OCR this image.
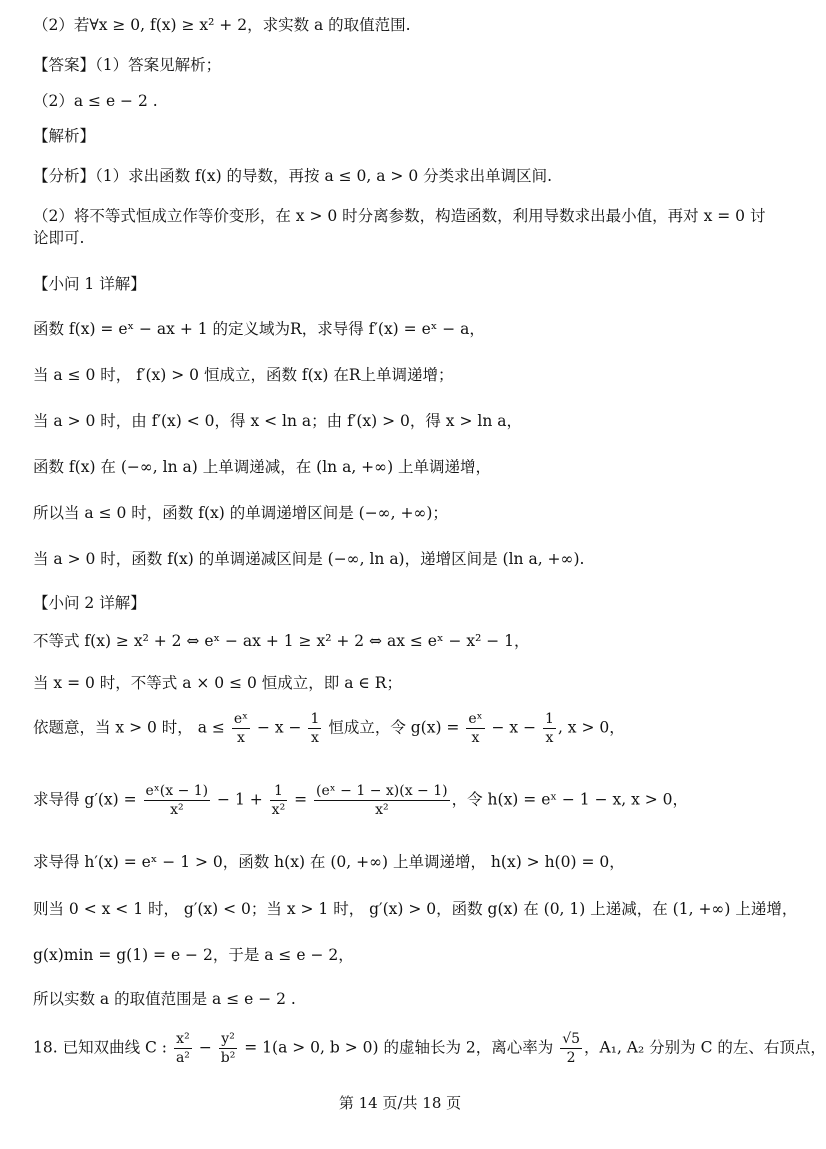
（2）若∀x ≥ 0, f(x) ≥ x² + 2，求实数 a 的取值范围.
【答案】（1）答案见解析；
（2）a ≤ e − 2 .
【解析】
【分析】（1）求出函数 f(x) 的导数，再按 a ≤ 0, a > 0 分类求出单调区间.
（2）将不等式恒成立作等价变形，在 x > 0 时分离参数，构造函数，利用导数求出最小值，再对 x = 0 讨论即可.
【小问 1 详解】
函数 f(x) = eˣ − ax + 1 的定义域为R，求导得 f′(x) = eˣ − a，
当 a ≤ 0 时， f′(x) > 0 恒成立，函数 f(x) 在R上单调递增；
当 a > 0 时，由 f′(x) < 0，得 x < ln a；由 f′(x) > 0，得 x > ln a，
函数 f(x) 在 (−∞, ln a) 上单调递减，在 (ln a, +∞) 上单调递增，
所以当 a ≤ 0 时，函数 f(x) 的单调递增区间是 (−∞, +∞)；
当 a > 0 时，函数 f(x) 的单调递减区间是 (−∞, ln a)，递增区间是 (ln a, +∞).
【小问 2 详解】
不等式 f(x) ≥ x² + 2 ⇔ eˣ − ax + 1 ≥ x² + 2 ⇔ ax ≤ eˣ − x² − 1，
当 x = 0 时，不等式 a × 0 ≤ 0 恒成立，即 a ∈ R；
依题意，当 x > 0 时， $a \le \frac{\text{eˣ}}{x} - x - \frac{1}{x}$ 恒成立，令 $g(x) = \frac{\text{eˣ}}{x} - x - \frac{1}{x}$ , x > 0，
求导得 $g'(x) = \frac{\text{eˣ(x − 1)}}{\text{x²}} - 1 + \frac{1}{\text{x²}} = \frac{\text{(eˣ − 1 − x)(x − 1)}}{\text{x²}}$ ，令 h(x) = eˣ − 1 − x, x > 0，
求导得 h′(x) = eˣ − 1 > 0，函数 h(x) 在 (0, +∞) 上单调递增， h(x) > h(0) = 0，
则当 0 < x < 1 时， g′(x) < 0；当 x > 1 时， g′(x) > 0，函数 g(x) 在 (0, 1) 上递减，在 (1, +∞) 上递增，
g(x)min = g(1) = e − 2，于是 a ≤ e − 2，
所以实数 a 的取值范围是 a ≤ e − 2 .
18. 已知双曲线 C : $\frac{\text{x²}}{\text{a²}} - \frac{\text{y²}}{\text{b²}} = 1(a > 0$, b > 0) 的虚轴长为 2，离心率为 $\frac{√5}{2}$ ，A₁, A₂ 分别为 C 的左、右顶点，
第 14 页/共 18 页
